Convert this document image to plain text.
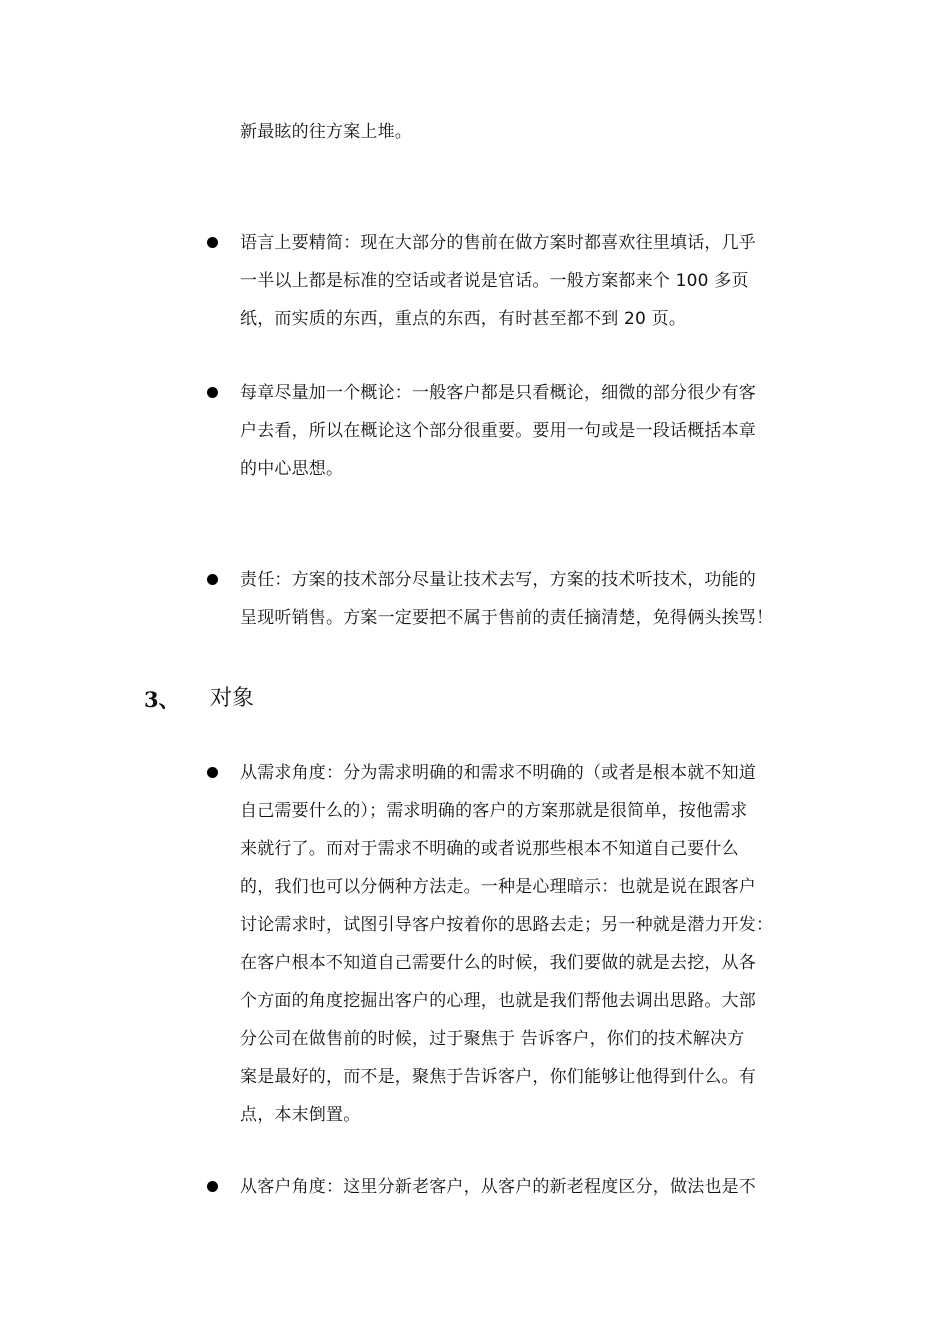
新最眩的往方案上堆。
语言上要精简：现在大部分的售前在做方案时都喜欢往里填话，几乎
一半以上都是标准的空话或者说是官话。一般方案都来个 100 多页
纸，而实质的东西，重点的东西，有时甚至都不到 20 页。
每章尽量加一个概论：一般客户都是只看概论，细微的部分很少有客
户去看，所以在概论这个部分很重要。要用一句或是一段话概括本章
的中心思想。
责任：方案的技术部分尽量让技术去写，方案的技术听技术，功能的
呈现听销售。方案一定要把不属于售前的责任摘清楚，免得俩头挨骂！
3、 对象
从需求角度：分为需求明确的和需求不明确的（或者是根本就不知道
自己需要什么的）；需求明确的客户的方案那就是很简单，按他需求
来就行了。而对于需求不明确的或者说那些根本不知道自己要什么
的，我们也可以分俩种方法走。一种是心理暗示：也就是说在跟客户
讨论需求时，试图引导客户按着你的思路去走；另一种就是潜力开发：
在客户根本不知道自己需要什么的时候，我们要做的就是去挖，从各
个方面的角度挖掘出客户的心理，也就是我们帮他去调出思路。大部
分公司在做售前的时候，过于聚焦于 告诉客户，你们的技术解决方
案是最好的，而不是，聚焦于告诉客户，你们能够让他得到什么。有
点，本末倒置。
从客户角度：这里分新老客户，从客户的新老程度区分，做法也是不
